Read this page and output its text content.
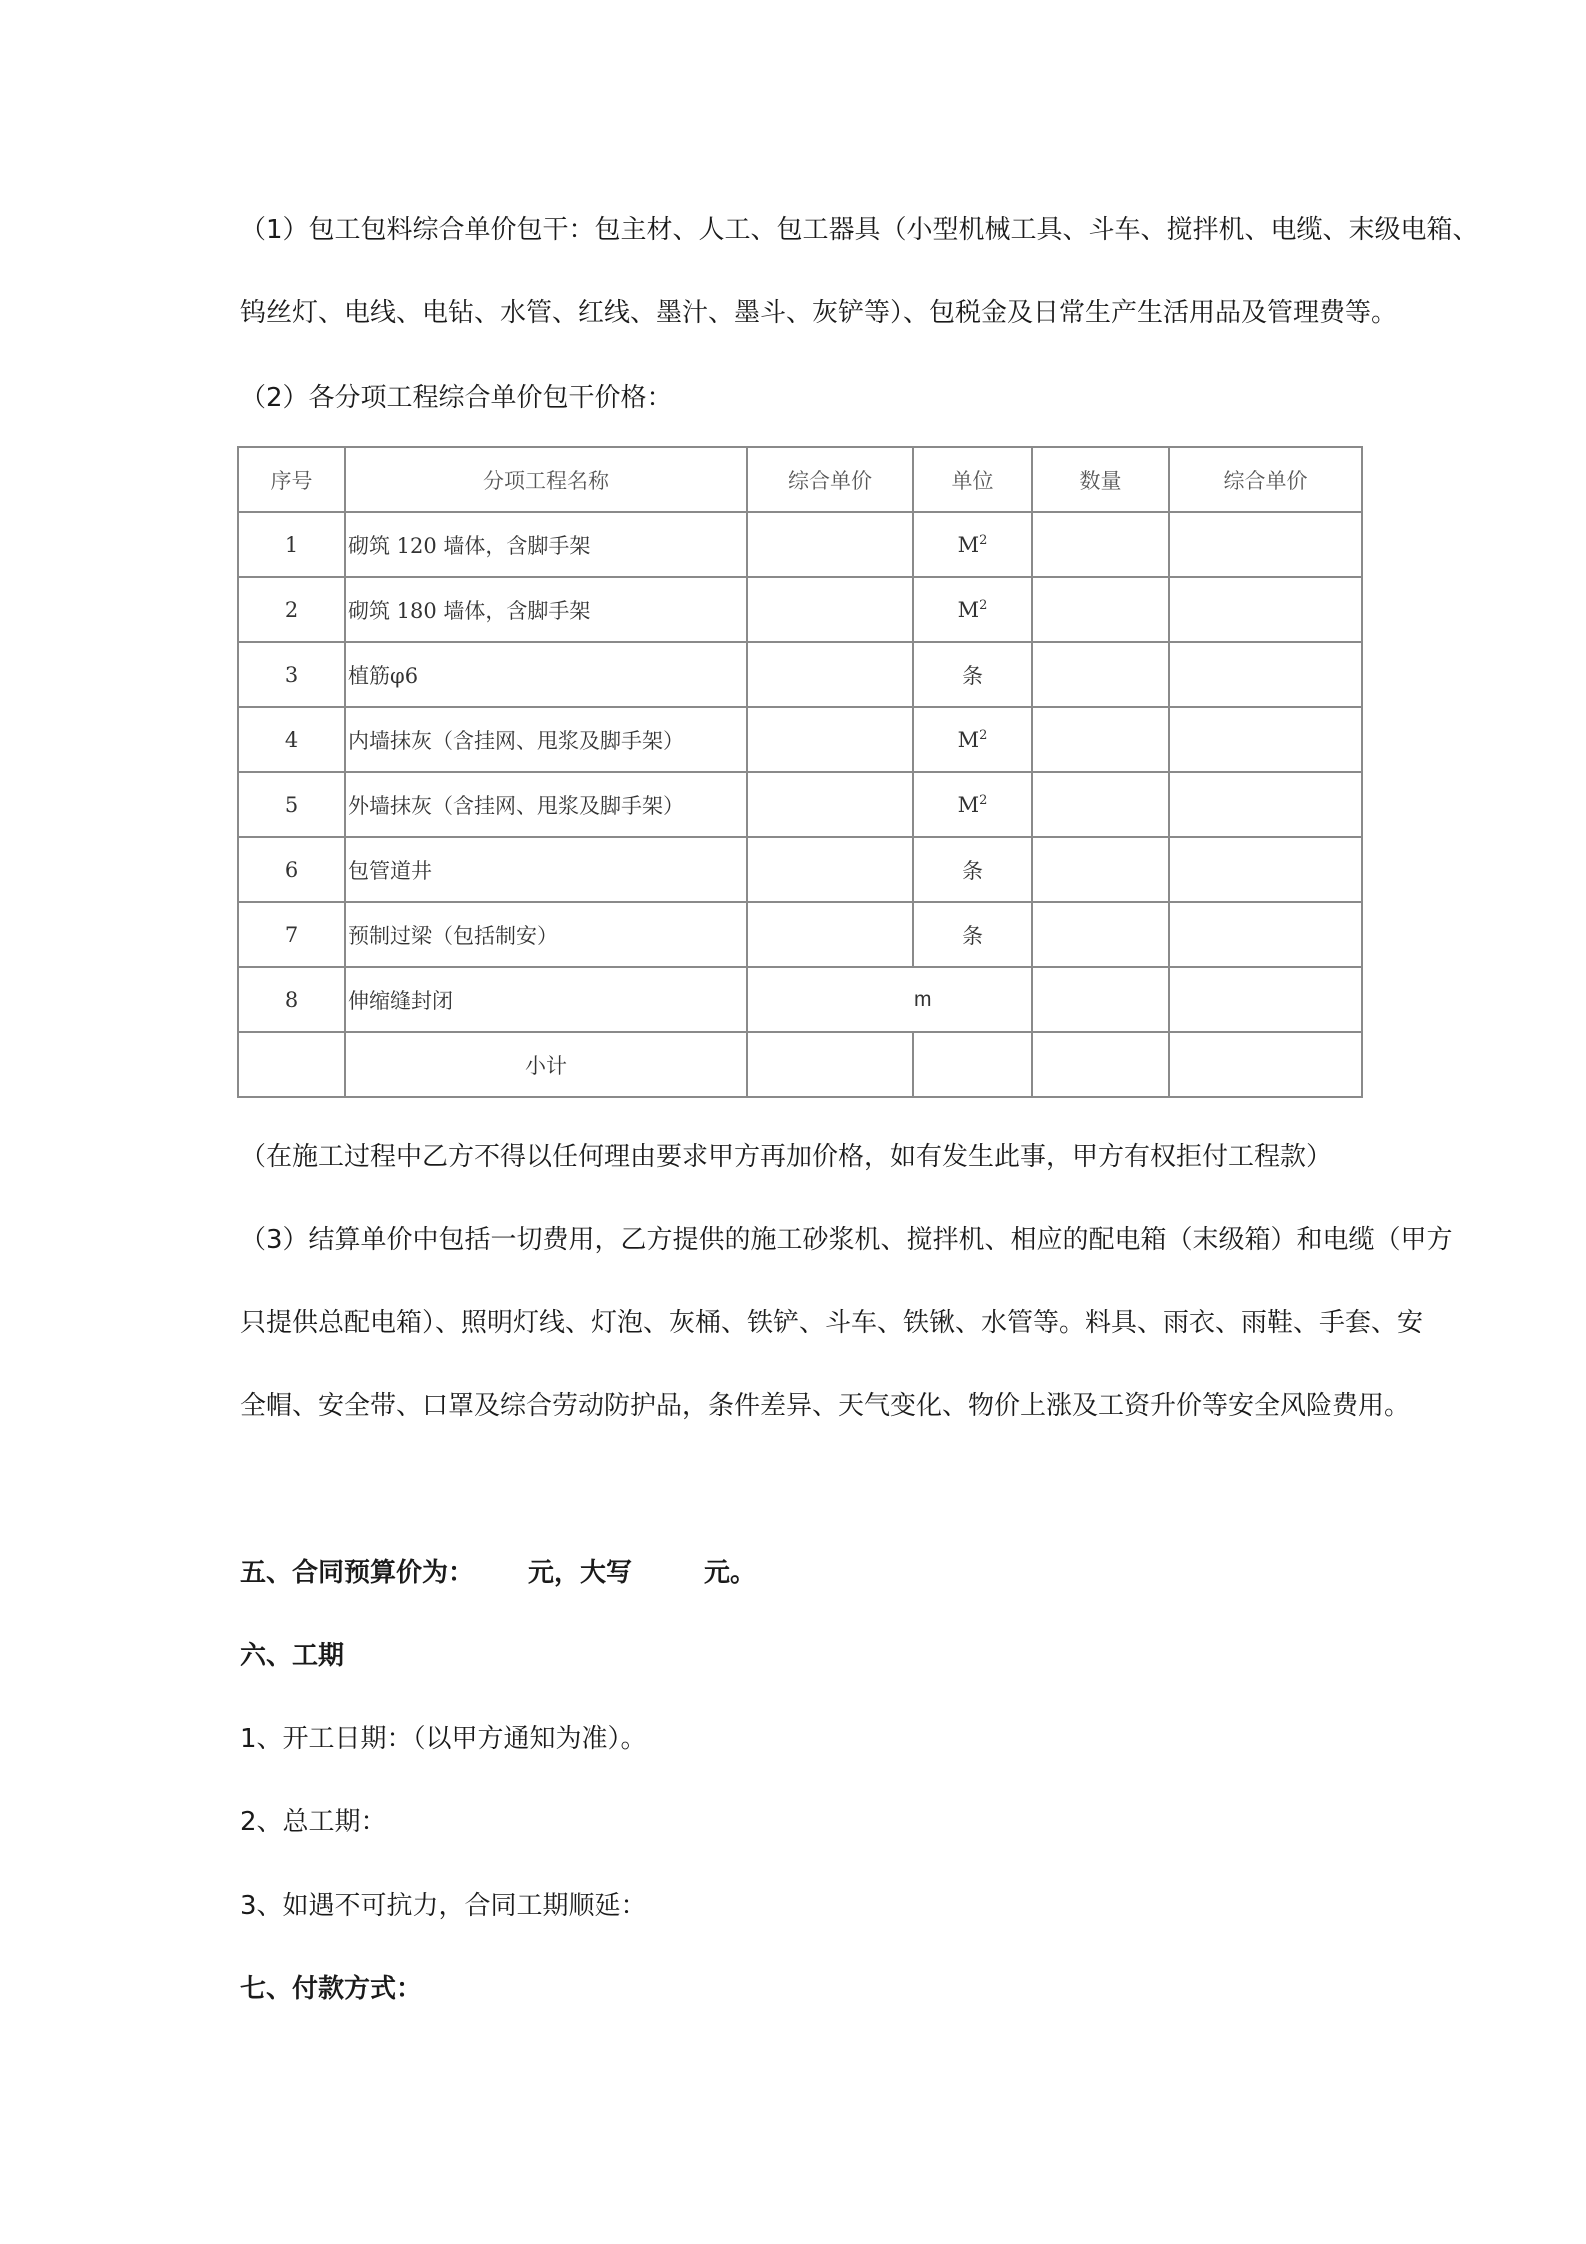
（1）包工包料综合单价包干：包主材、人工、包工器具（小型机械工具、斗车、搅拌机、电缆、末级电箱、

钨丝灯、电线、电钻、水管、红线、墨汁、墨斗、灰铲等）、包税金及日常生产生活用品及管理费等。

（2）各分项工程综合单价包干价格：

序号	分项工程名称	综合单价	单位	数量	综合单价
1	砌筑 120 墙体，含脚手架		$M^2$		
2	砌筑 180 墙体，含脚手架		$M^2$		
3	植筋φ6		条		
4	内墙抹灰（含挂网、甩浆及脚手架）		$M^2$		
5	外墙抹灰（含挂网、甩浆及脚手架）		$M^2$		
6	包管道井		条		
7	预制过梁（包括制安）		条		
8	伸缩缝封闭	m			
	小计				

（在施工过程中乙方不得以任何理由要求甲方再加价格，如有发生此事，甲方有权拒付工程款）

（3）结算单价中包括一切费用，乙方提供的施工砂浆机、搅拌机、相应的配电箱（末级箱）和电缆（甲方

只提供总配电箱）、照明灯线、灯泡、灰桶、铁铲、斗车、铁锹、水管等。料具、雨衣、雨鞋、手套、安

全帽、安全带、口罩及综合劳动防护品，条件差异、天气变化、物价上涨及工资升价等安全风险费用。

五、合同预算价为： 元，大写	元。

六、工期

1、开工日期：（以甲方通知为准）。

2、总工期：

3、如遇不可抗力，合同工期顺延：

七、付款方式：
